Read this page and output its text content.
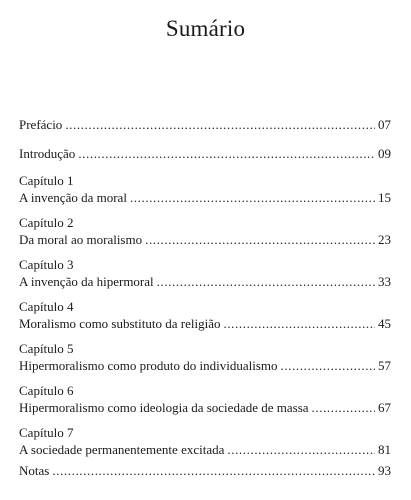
Sumário
Prefácio .....	07
Introdução .....	09
Capítulo 1
A invenção da moral .....	15
Capítulo 2
Da moral ao moralismo .....	23
Capítulo 3
A invenção da hipermoral .....	33
Capítulo 4
Moralismo como substituto da religião .....	45
Capítulo 5
Hipermoralismo como produto do individualismo .....	57
Capítulo 6
Hipermoralismo como ideologia da sociedade de massa .....	67
Capítulo 7
A sociedade permanentemente excitada .....	81
Notas .....	93
